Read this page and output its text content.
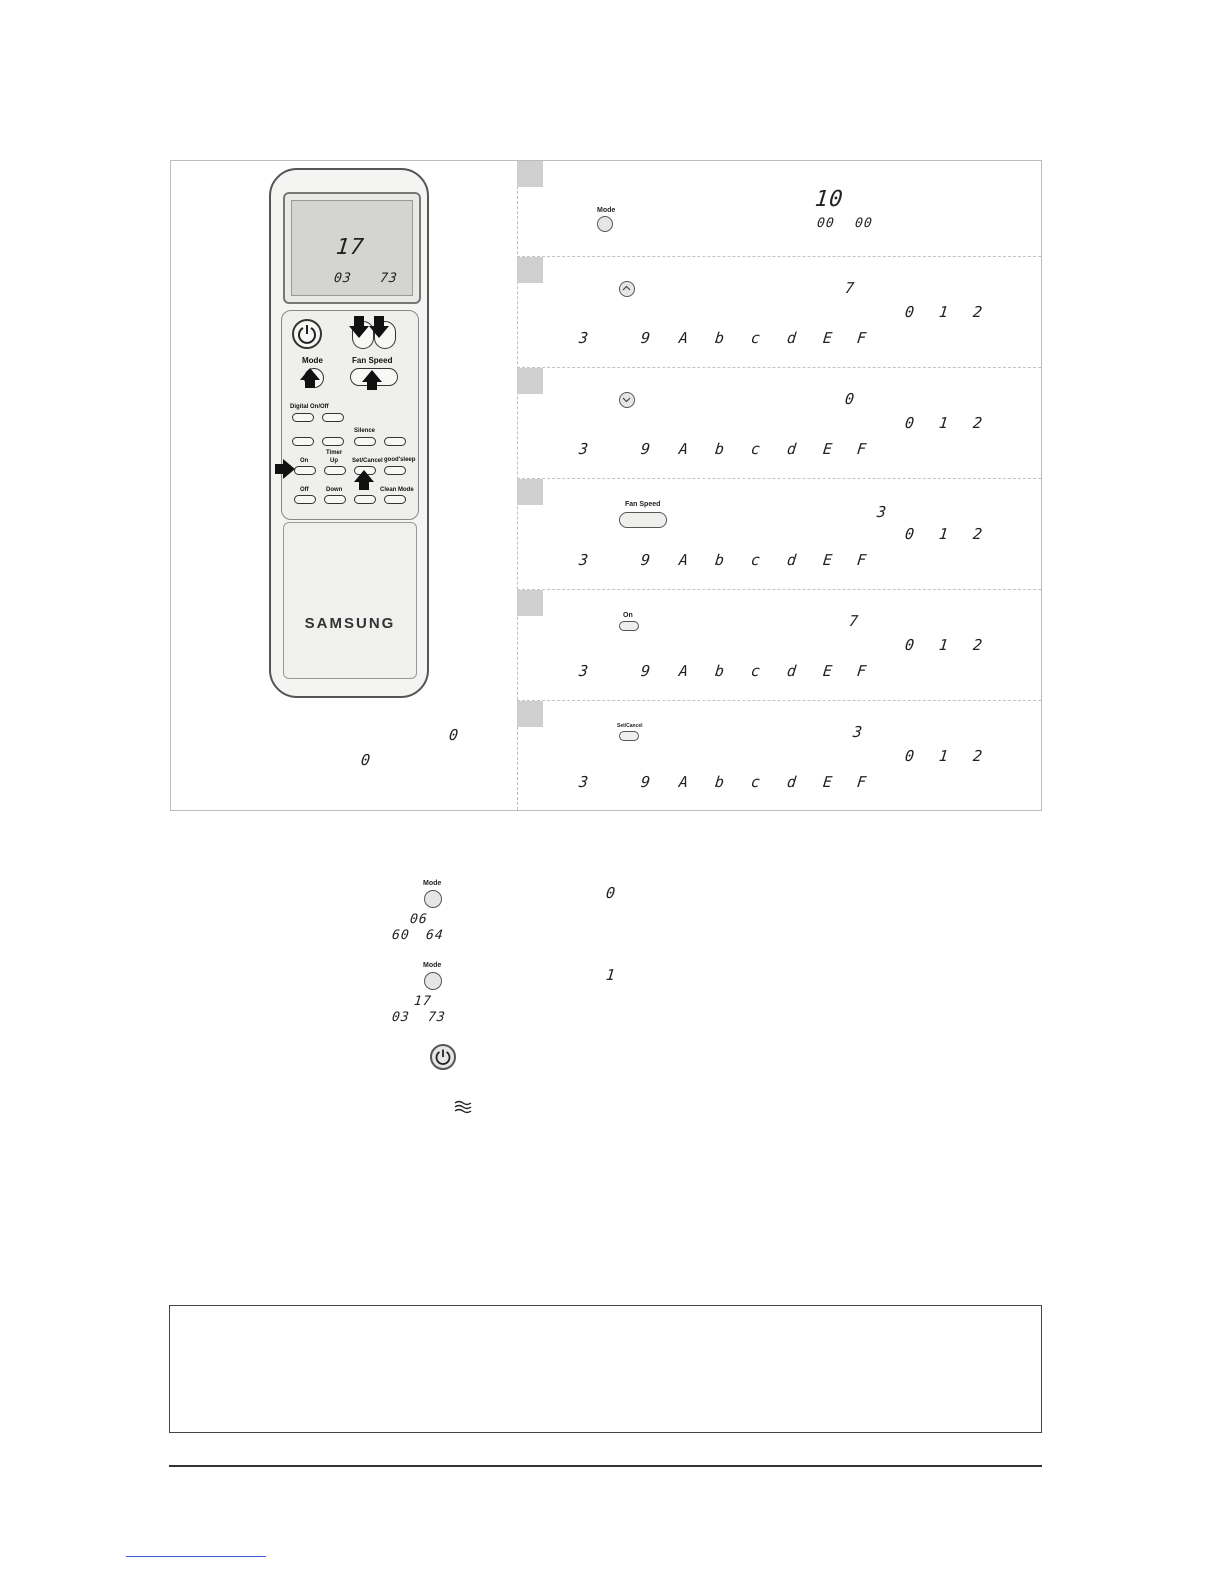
17
03 73
Mode	Fan Speed
Digital On/Off
Silence
Timer
On	Up Set/Cancel good'sleep
Off	Down	Clean Mode
SAMSUNG
0
0
Mode	10
00 00
7
0 1 2
3	9 A b c d E F
0
0 1 2
3	9 A b c d E F
Fan Speed	3
0 1 2
3	9 A b c d E F
On	7
0 1 2
3	9 A b c d E F
Set/Cancel	3
0 1 2
3	9 A b c d E F
Mode
0
06
60 64
Mode
1
17
03 73
